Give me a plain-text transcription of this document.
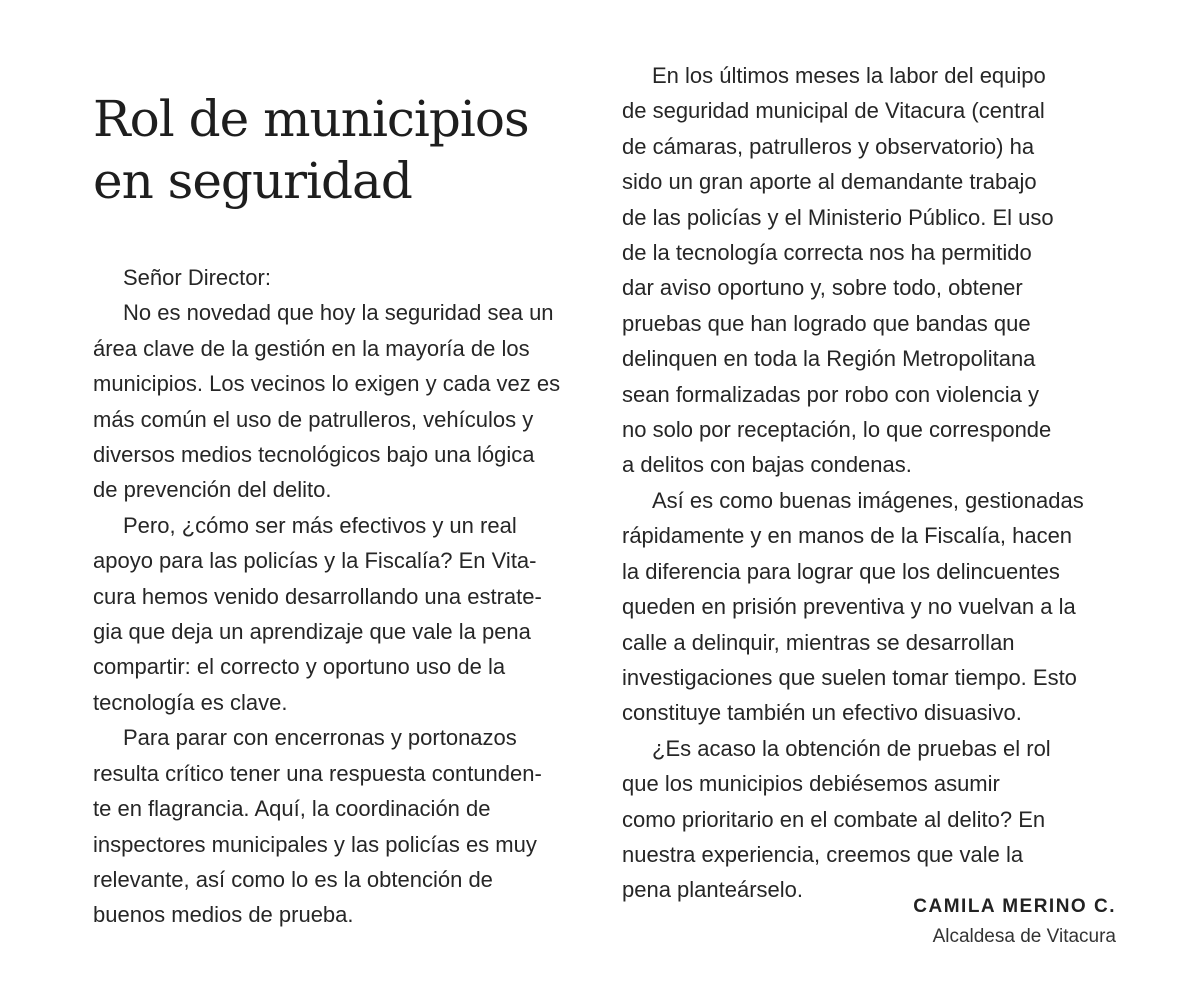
Rol de municipios
en seguridad

Señor Director:

No es novedad que hoy la seguridad sea un
área clave de la gestión en la mayoría de los
municipios. Los vecinos lo exigen y cada vez es
más común el uso de patrulleros, vehículos y
diversos medios tecnológicos bajo una lógica
de prevención del delito.

Pero, ¿cómo ser más efectivos y un real
apoyo para las policías y la Fiscalía? En Vita-
cura hemos venido desarrollando una estrate-
gia que deja un aprendizaje que vale la pena
compartir: el correcto y oportuno uso de la
tecnología es clave.

Para parar con encerronas y portonazos
resulta crítico tener una respuesta contunden-
te en flagrancia. Aquí, la coordinación de
inspectores municipales y las policías es muy
relevante, así como lo es la obtención de
buenos medios de prueba.

En los últimos meses la labor del equipo
de seguridad municipal de Vitacura (central
de cámaras, patrulleros y observatorio) ha
sido un gran aporte al demandante trabajo
de las policías y el Ministerio Público. El uso
de la tecnología correcta nos ha permitido
dar aviso oportuno y, sobre todo, obtener
pruebas que han logrado que bandas que
delinquen en toda la Región Metropolitana
sean formalizadas por robo con violencia y
no solo por receptación, lo que corresponde
a delitos con bajas condenas.

Así es como buenas imágenes, gestionadas
rápidamente y en manos de la Fiscalía, hacen
la diferencia para lograr que los delincuentes
queden en prisión preventiva y no vuelvan a la
calle a delinquir, mientras se desarrollan
investigaciones que suelen tomar tiempo. Esto
constituye también un efectivo disuasivo.

¿Es acaso la obtención de pruebas el rol
que los municipios debiésemos asumir
como prioritario en el combate al delito? En
nuestra experiencia, creemos que vale la
pena planteárselo.

CAMILA MERINO C.
Alcaldesa de Vitacura
